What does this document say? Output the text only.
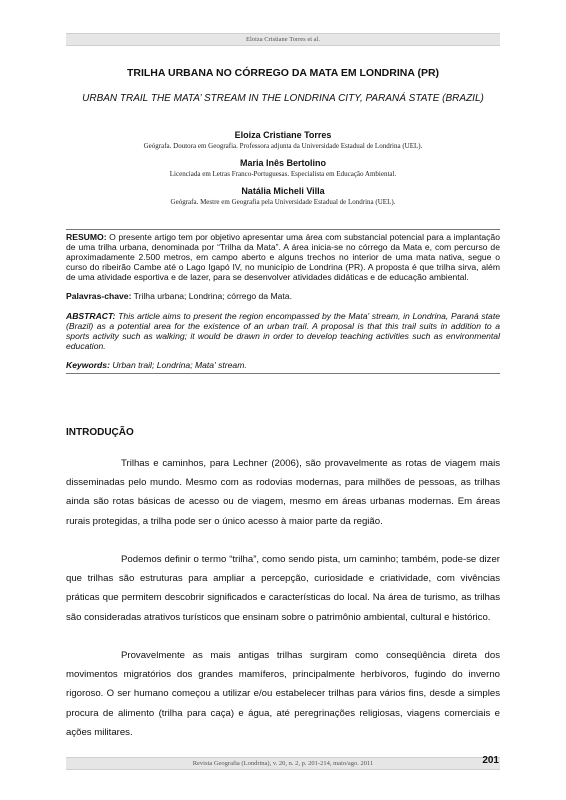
Eloiza Cristiane Torres et al.
TRILHA URBANA NO CÓRREGO DA MATA EM LONDRINA (PR)
URBAN TRAIL THE MATA’ STREAM IN THE LONDRINA CITY, PARANÁ STATE (BRAZIL)
Eloiza Cristiane Torres
Geógrafa. Doutora em Geografia. Professora adjunta da Universidade Estadual de Londrina (UEL).
Maria Inês Bertolino
Licenciada em Letras Franco-Portuguesas. Especialista em Educação Ambiental.
Natália Micheli Villa
Geógrafa. Mestre em Geografia pela Universidade Estadual de Londrina (UEL).

RESUMO: O presente artigo tem por objetivo apresentar uma área com substancial potencial para a implantação de uma trilha urbana, denominada por “Trilha da Mata”. A área inicia-se no córrego da Mata e, com percurso de aproximadamente 2.500 metros, em campo aberto e alguns trechos no interior de uma mata nativa, segue o curso do ribeirão Cambe até o Lago Igapó IV, no município de Londrina (PR). A proposta é que trilha sirva, além de uma atividade esportiva e de lazer, para se desenvolver atividades didáticas e de educação ambiental.

Palavras-chave: Trilha urbana; Londrina; córrego da Mata.

ABSTRACT: This article aims to present the region encompassed by the Mata' stream, in Londrina, Paraná state (Brazil) as a potential area for the existence of an urban trail. A proposal is that this trail suits in addition to a sports activity such as walking; it would be drawn in order to develop teaching activities such as environmental education.

Keywords: Urban trail; Londrina; Mata' stream.

INTRODUÇÃO

Trilhas e caminhos, para Lechner (2006), são provavelmente as rotas de viagem mais disseminadas pelo mundo. Mesmo com as rodovias modernas, para milhões de pessoas, as trilhas ainda são rotas básicas de acesso ou de viagem, mesmo em áreas urbanas modernas. Em áreas rurais protegidas, a trilha pode ser o único acesso à maior parte da região.

Podemos definir o termo “trilha”, como sendo pista, um caminho; também, pode-se dizer que trilhas são estruturas para ampliar a percepção, curiosidade e criatividade, com vivências práticas que permitem descobrir significados e características do local. Na área de turismo, as trilhas são consideradas atrativos turísticos que ensinam sobre o patrimônio ambiental, cultural e histórico.

Provavelmente as mais antigas trilhas surgiram como conseqüência direta dos movimentos migratórios dos grandes mamíferos, principalmente herbívoros, fugindo do inverno rigoroso. O ser humano começou a utilizar e/ou estabelecer trilhas para vários fins, desde a simples procura de alimento (trilha para caça) e água, até peregrinações religiosas, viagens comerciais e ações militares.

Revista Geografia (Londrina), v. 20, n. 2, p. 201-214, maio/ago. 2011	201
